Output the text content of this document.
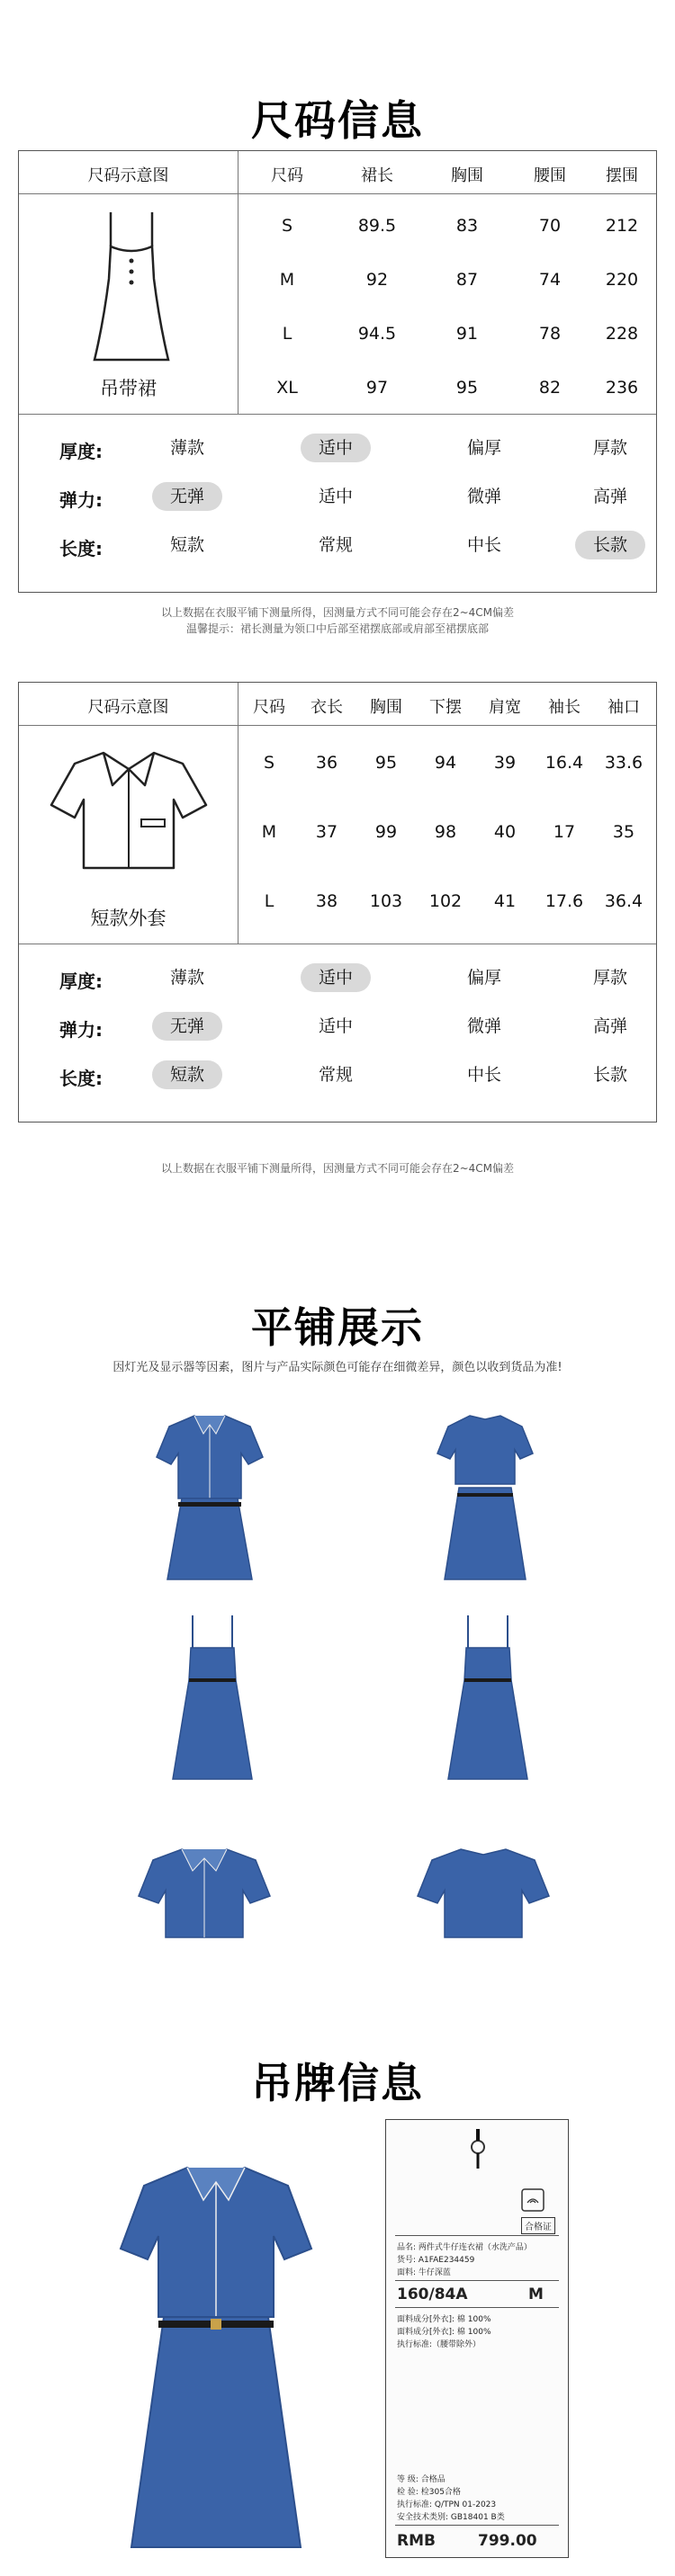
尺码信息
尺码示意图	尺码	裙长	胸围	腰围	摆围
吊带裙
S	89.5	83	70	212
M	92	87	74	220
L	94.5	91	78	228
XL	97	95	82	236
厚度:	薄款	适中	偏厚	厚款
弹力:	无弹	适中	微弹	高弹
长度:	短款	常规	中长	长款
以上数据在衣服平铺下测量所得，因测量方式不同可能会存在2~4CM偏差
温馨提示：裙长测量为领口中后部至裙摆底部或肩部至裙摆底部
尺码示意图	尺码	衣长	胸围	下摆	肩宽	袖长	袖口
短款外套
S	36	95	94	39	16.4	33.6
M	37	99	98	40	17	35
L	38	103	102	41	17.6	36.4
厚度:	薄款	适中	偏厚	厚款
弹力:	无弹	适中	微弹	高弹
长度:	短款	常规	中长	长款
以上数据在衣服平铺下测量所得，因测量方式不同可能会存在2~4CM偏差
平铺展示
因灯光及显示器等因素，图片与产品实际颜色可能存在细微差异，颜色以收到货品为准!
吊牌信息
合格证
品名: 两件式牛仔连衣裙（水洗产品）
货号: A1FAE234459
面料: 牛仔深蓝
160/84A	M
面料成分[外衣]: 棉 100%
面料成分[外衣]: 棉 100%
执行标准:（腰带除外）
等 级: 合格品
检 验: 检305合格
执行标准: Q/TPN 01-2023
安全技术类别: GB18401 B类
RMB	799.00
